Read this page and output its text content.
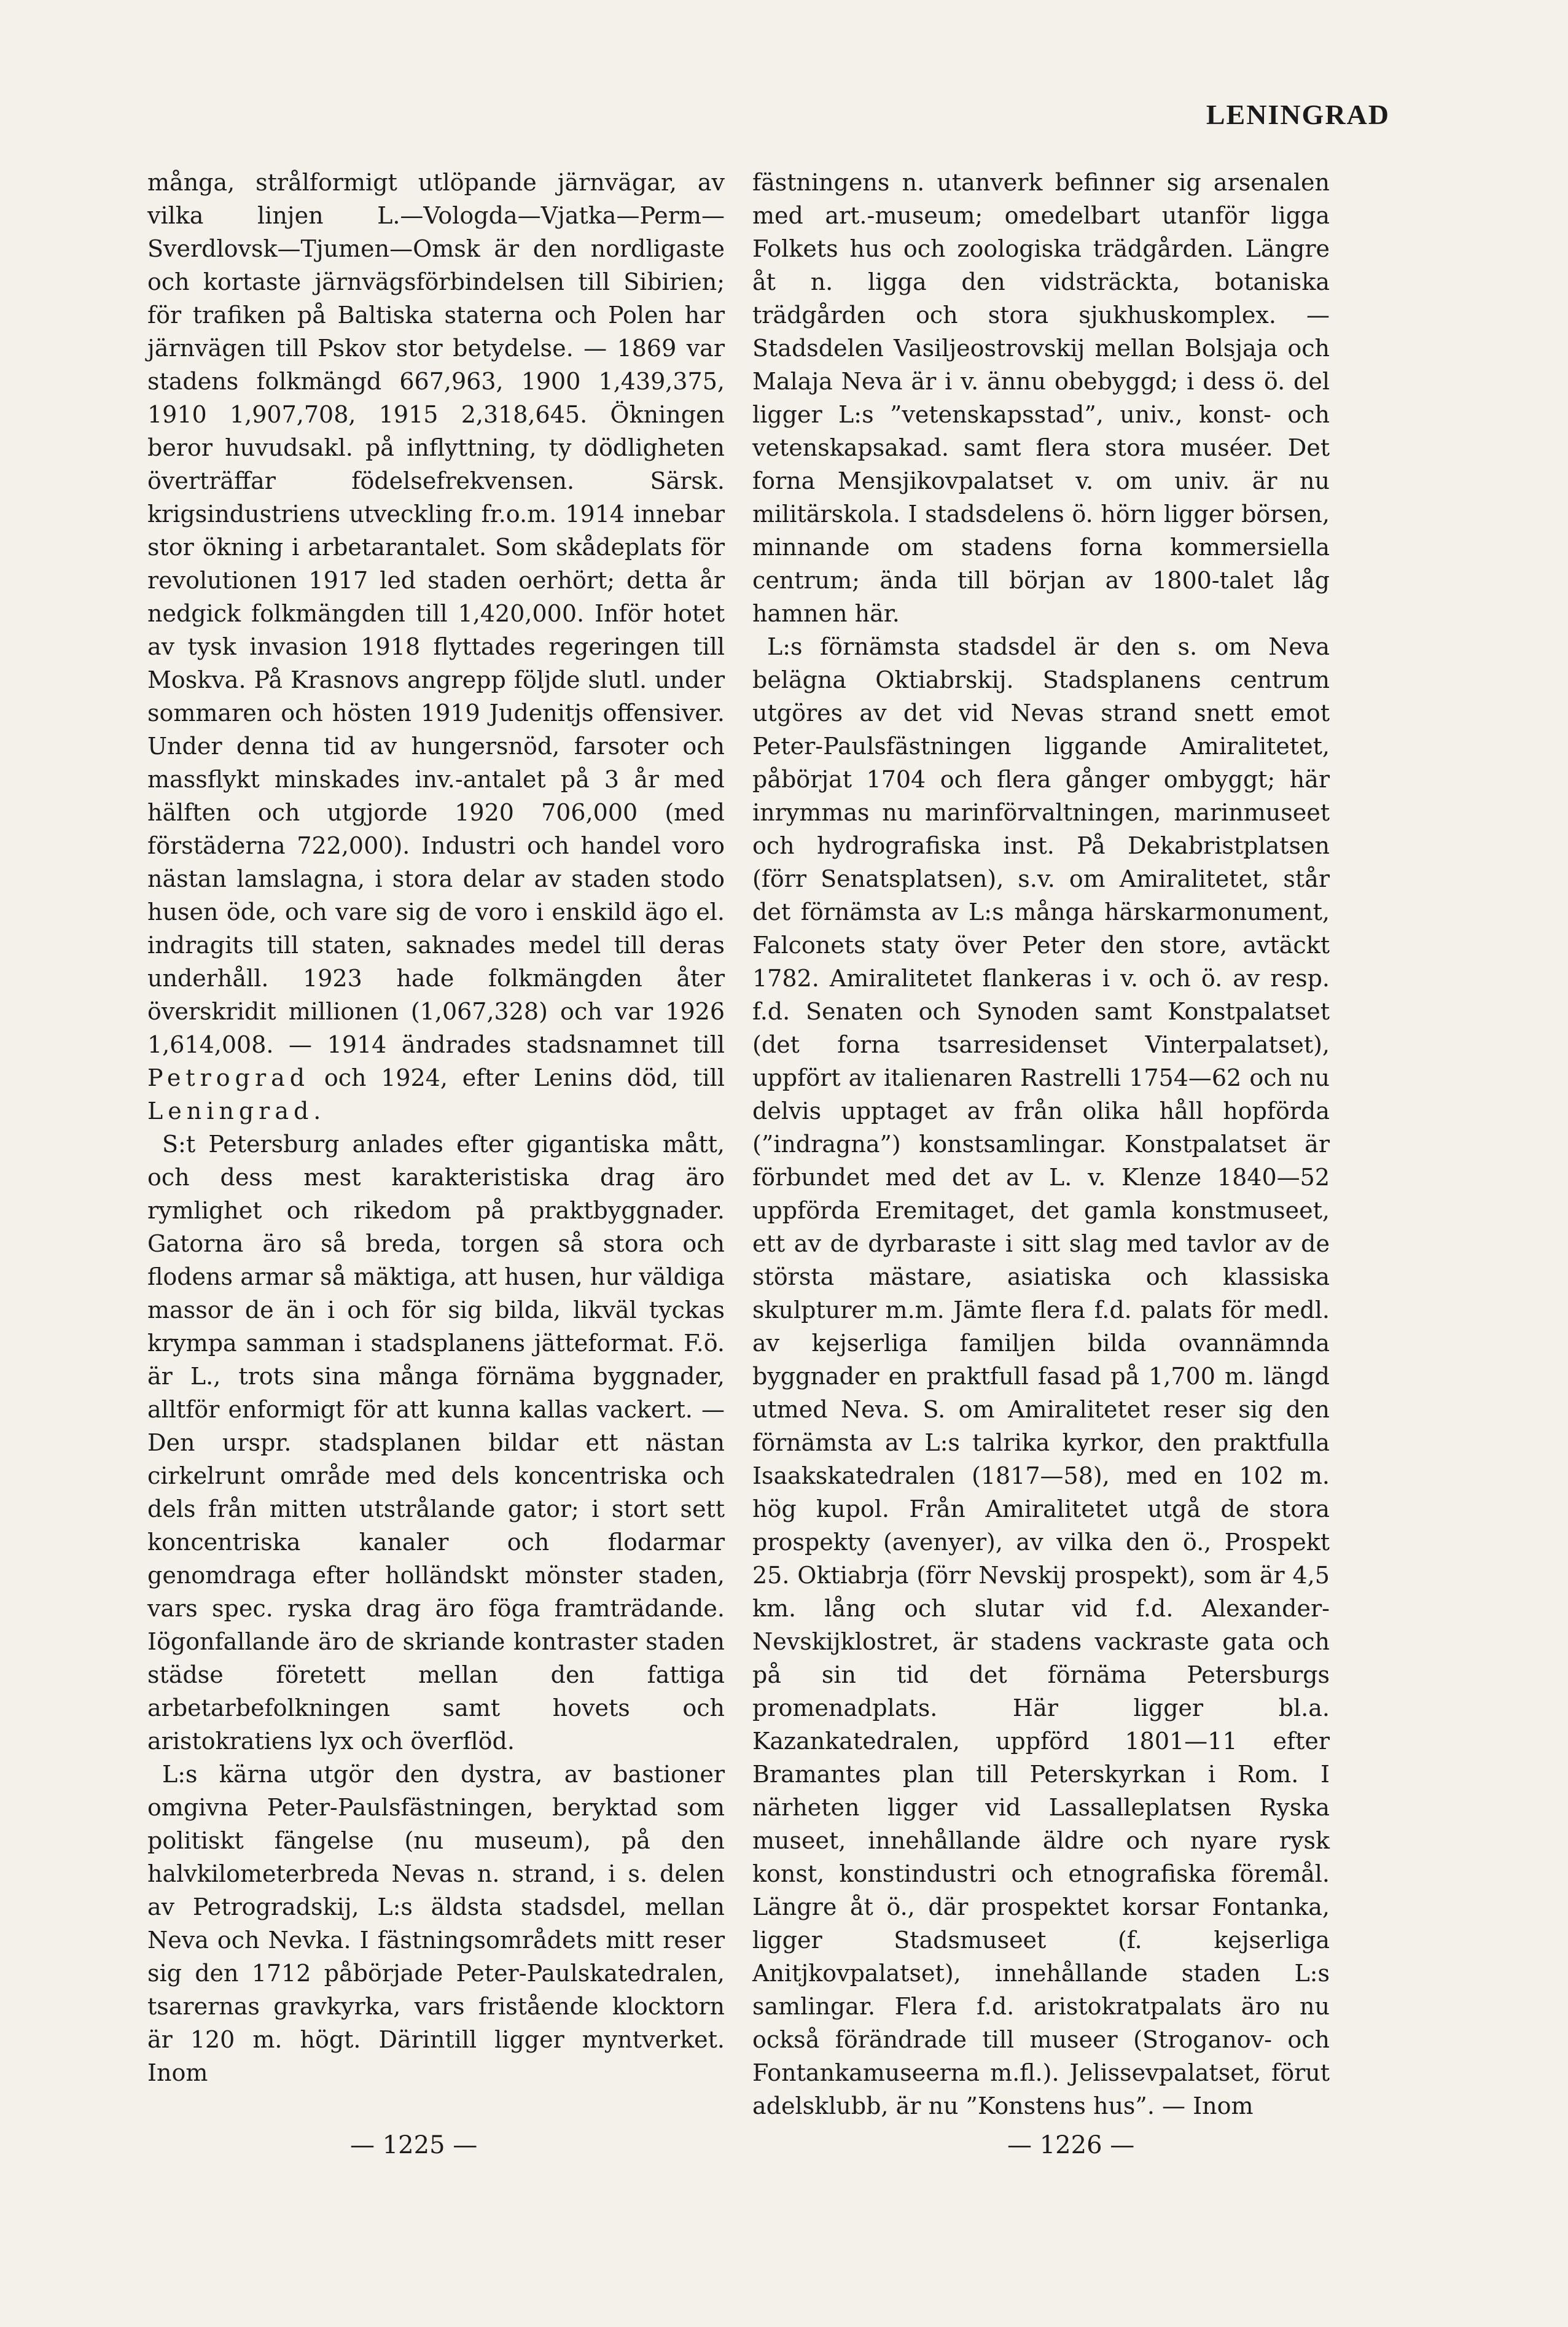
LENINGRAD

många, strålformigt utlöpande järnvägar, av vilka linjen L.—Vologda—Vjatka—Perm—Sverdlovsk—Tjumen—Omsk är den nordligaste och kortaste järnvägsförbindelsen till Sibirien; för trafiken på Baltiska staterna och Polen har järnvägen till Pskov stor betydelse. — 1869 var stadens folkmängd 667,963, 1900 1,439,375, 1910 1,907,708, 1915 2,318,645. Ökningen beror huvudsakl. på inflyttning, ty dödligheten överträffar födelsefrekvensen. Särsk. krigsindustriens utveckling fr.o.m. 1914 innebar stor ökning i arbetarantalet. Som skådeplats för revolutionen 1917 led staden oerhört; detta år nedgick folkmängden till 1,420,000. Inför hotet av tysk invasion 1918 flyttades regeringen till Moskva. På Krasnovs angrepp följde slutl. under sommaren och hösten 1919 Judenitjs offensiver. Under denna tid av hungersnöd, farsoter och massflykt minskades inv.-antalet på 3 år med hälften och utgjorde 1920 706,000 (med förstäderna 722,000). Industri och handel voro nästan lamslagna, i stora delar av staden stodo husen öde, och vare sig de voro i enskild ägo el. indragits till staten, saknades medel till deras underhåll. 1923 hade folkmängden åter överskridit millionen (1,067,328) och var 1926 1,614,008. — 1914 ändrades stadsnamnet till Petrograd och 1924, efter Lenins död, till Leningrad.

S:t Petersburg anlades efter gigantiska mått, och dess mest karakteristiska drag äro rymlighet och rikedom på praktbyggnader. Gatorna äro så breda, torgen så stora och flodens armar så mäktiga, att husen, hur väldiga massor de än i och för sig bilda, likväl tyckas krympa samman i stadsplanens jätteformat. F.ö. är L., trots sina många förnäma byggnader, alltför enformigt för att kunna kallas vackert. — Den urspr. stadsplanen bildar ett nästan cirkelrunt område med dels koncentriska och dels från mitten utstrålande gator; i stort sett koncentriska kanaler och flodarmar genomdraga efter holländskt mönster staden, vars spec. ryska drag äro föga framträdande. Iögonfallande äro de skriande kontraster staden städse företett mellan den fattiga arbetarbefolkningen samt hovets och aristokratiens lyx och överflöd.

L:s kärna utgör den dystra, av bastioner omgivna Peter-Paulsfästningen, beryktad som politiskt fängelse (nu museum), på den halvkilometerbreda Nevas n. strand, i s. delen av Petrogradskij, L:s äldsta stadsdel, mellan Neva och Nevka. I fästningsområdets mitt reser sig den 1712 påbörjade Peter-Paulskatedralen, tsarernas gravkyrka, vars fristående klocktorn är 120 m. högt. Därintill ligger myntverket. Inom

fästningens n. utanverk befinner sig arsenalen med art.-museum; omedelbart utanför ligga Folkets hus och zoologiska trädgården. Längre åt n. ligga den vidsträckta, botaniska trädgården och stora sjukhuskomplex. — Stadsdelen Vasiljeostrovskij mellan Bolsjaja och Malaja Neva är i v. ännu obebyggd; i dess ö. del ligger L:s ”vetenskapsstad”, univ., konst- och vetenskapsakad. samt flera stora muséer. Det forna Mensjikovpalatset v. om univ. är nu militärskola. I stadsdelens ö. hörn ligger börsen, minnande om stadens forna kommersiella centrum; ända till början av 1800-talet låg hamnen här.

L:s förnämsta stadsdel är den s. om Neva belägna Oktiabrskij. Stadsplanens centrum utgöres av det vid Nevas strand snett emot Peter-Paulsfästningen liggande Amiralitetet, påbörjat 1704 och flera gånger ombyggt; här inrymmas nu marinförvaltningen, marinmuseet och hydrografiska inst. På Dekabristplatsen (förr Senatsplatsen), s.v. om Amiralitetet, står det förnämsta av L:s många härskarmonument, Falconets staty över Peter den store, avtäckt 1782. Amiralitetet flankeras i v. och ö. av resp. f.d. Senaten och Synoden samt Konstpalatset (det forna tsarresidenset Vinterpalatset), uppfört av italienaren Rastrelli 1754—62 och nu delvis upptaget av från olika håll hopförda (”indragna”) konstsamlingar. Konstpalatset är förbundet med det av L. v. Klenze 1840—52 uppförda Eremitaget, det gamla konstmuseet, ett av de dyrbaraste i sitt slag med tavlor av de största mästare, asiatiska och klassiska skulpturer m.m. Jämte flera f.d. palats för medl. av kejserliga familjen bilda ovannämnda byggnader en praktfull fasad på 1,700 m. längd utmed Neva. S. om Amiralitetet reser sig den förnämsta av L:s talrika kyrkor, den praktfulla Isaakskatedralen (1817—58), med en 102 m. hög kupol. Från Amiralitetet utgå de stora prospekty (avenyer), av vilka den ö., Prospekt 25. Oktiabrja (förr Nevskij prospekt), som är 4,5 km. lång och slutar vid f.d. Alexander-Nevskijklostret, är stadens vackraste gata och på sin tid det förnäma Petersburgs promenadplats. Här ligger bl.a. Kazankatedralen, uppförd 1801—11 efter Bramantes plan till Peterskyrkan i Rom. I närheten ligger vid Lassalleplatsen Ryska museet, innehållande äldre och nyare rysk konst, konstindustri och etnografiska föremål. Längre åt ö., där prospektet korsar Fontanka, ligger Stadsmuseet (f. kejserliga Anitjkovpalatset), innehållande staden L:s samlingar. Flera f.d. aristokratpalats äro nu också förändrade till museer (Stroganov- och Fontankamuseerna m.fl.). Jelissevpalatset, förut adelsklubb, är nu ”Konstens hus”. — Inom

— 1225 —	— 1226 —
